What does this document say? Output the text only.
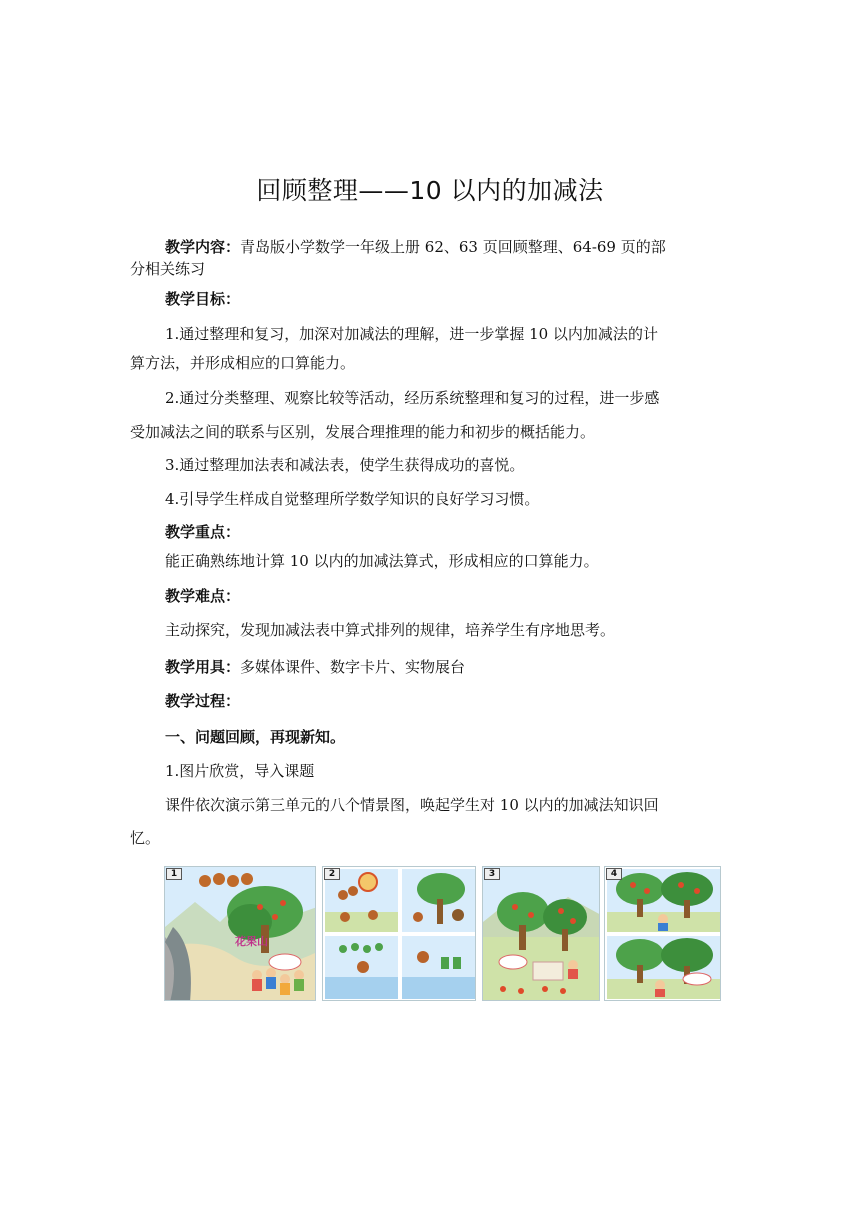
回顾整理——10 以内的加减法
教学内容：青岛版小学数学一年级上册 62、63 页回顾整理、64-69 页的部
分相关练习
教学目标：
1.通过整理和复习，加深对加减法的理解，进一步掌握 10 以内加减法的计
算方法，并形成相应的口算能力。
2.通过分类整理、观察比较等活动，经历系统整理和复习的过程，进一步感
受加减法之间的联系与区别，发展合理推理的能力和初步的概括能力。
3.通过整理加法表和减法表，使学生获得成功的喜悦。
4.引导学生样成自觉整理所学数学知识的良好学习习惯。
教学重点：
能正确熟练地计算 10 以内的加减法算式，形成相应的口算能力。
教学难点：
主动探究，发现加减法表中算式排列的规律，培养学生有序地思考。
教学用具：多媒体课件、数字卡片、实物展台
教学过程：
一、问题回顾，再现新知。
1.图片欣赏，导入课题
课件依次演示第三单元的八个情景图，唤起学生对 10 以内的加减法知识回
忆。
花果山
1	2	3	4
